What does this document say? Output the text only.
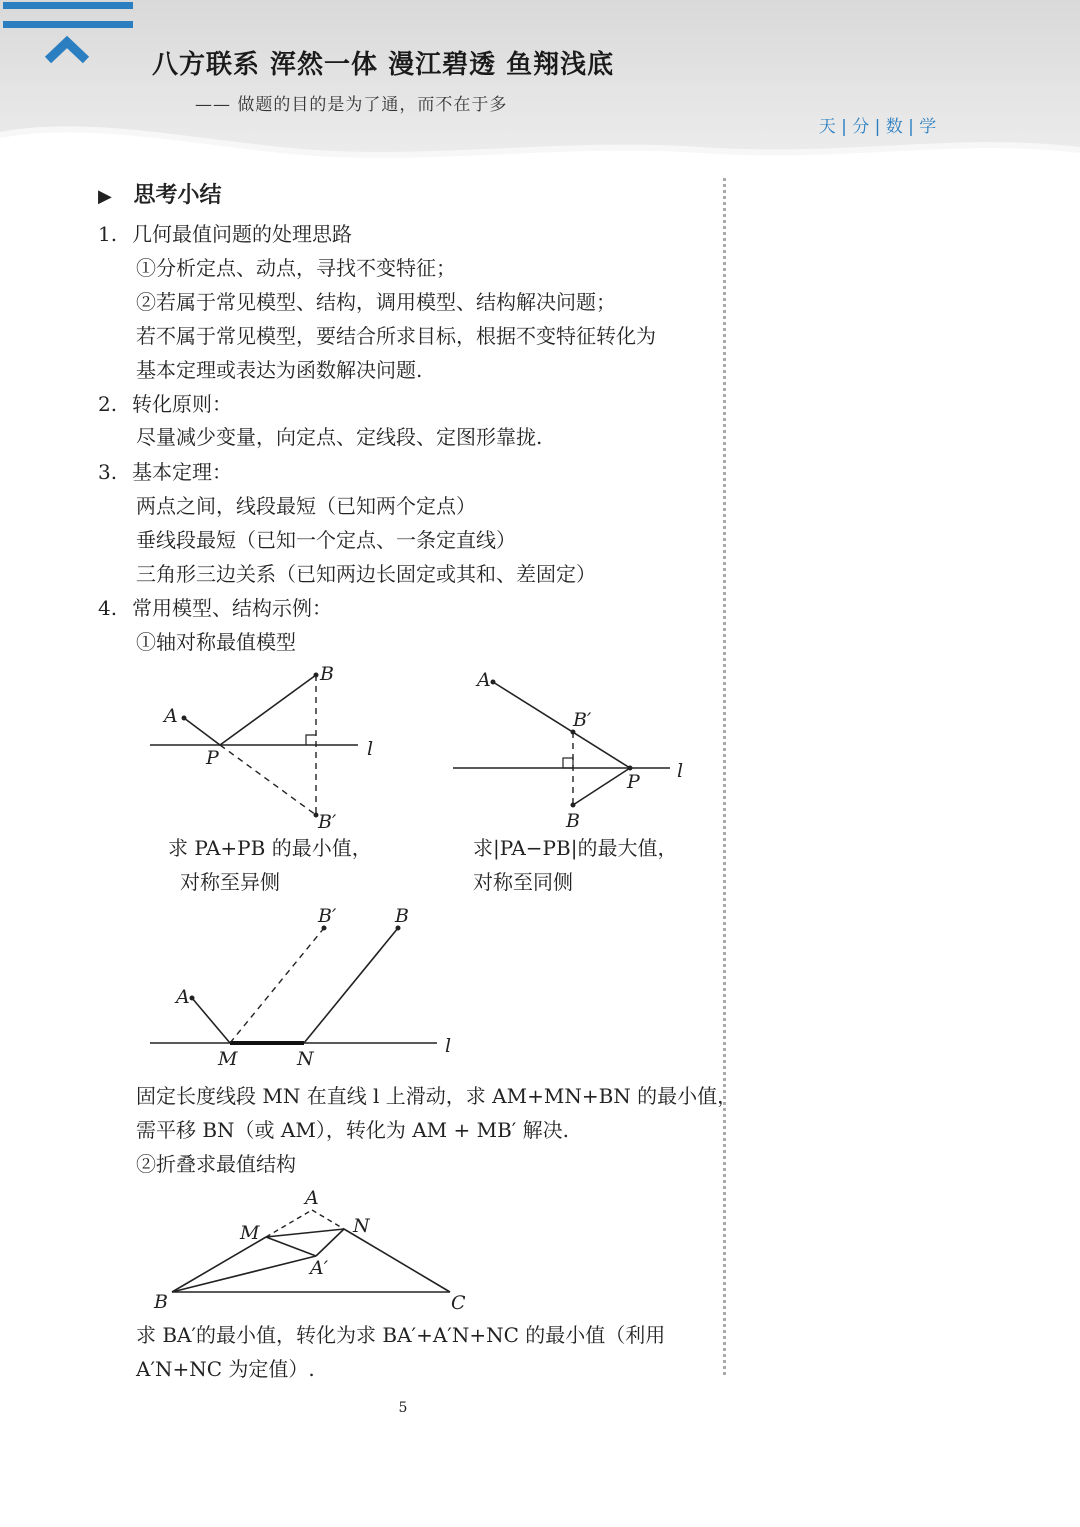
八方联系 浑然一体 漫江碧透 鱼翔浅底
—— 做题的目的是为了通，而不在于多
天 | 分 | 数 | 学
▶ 思考小结
1. 几何最值问题的处理思路
①分析定点、动点，寻找不变特征；
②若属于常见模型、结构，调用模型、结构解决问题；
若不属于常见模型，要结合所求目标，根据不变特征转化为
基本定理或表达为函数解决问题.
2. 转化原则：
尽量减少变量，向定点、定线段、定图形靠拢.
3. 基本定理：
两点之间，线段最短（已知两个定点）
垂线段最短（已知一个定点、一条定直线）
三角形三边关系（已知两边长固定或其和、差固定）
4. 常用模型、结构示例：
①轴对称最值模型
A
B
P
B′
l
求 PA+PB 的最小值，
对称至异侧
A
B′
B
P l
求|PA−PB|的最大值，
对称至同侧
A
B
B′
M	N
l
固定长度线段 MN 在直线 l 上滑动，求 AM+MN+BN 的最小值，
需平移 BN（或 AM），转化为 AM + MB′ 解决.
②折叠求最值结构
A
M	N
A′
B	C
求 BA′的最小值，转化为求 BA′+A′N+NC 的最小值（利用
A′N+NC 为定值）.
5
